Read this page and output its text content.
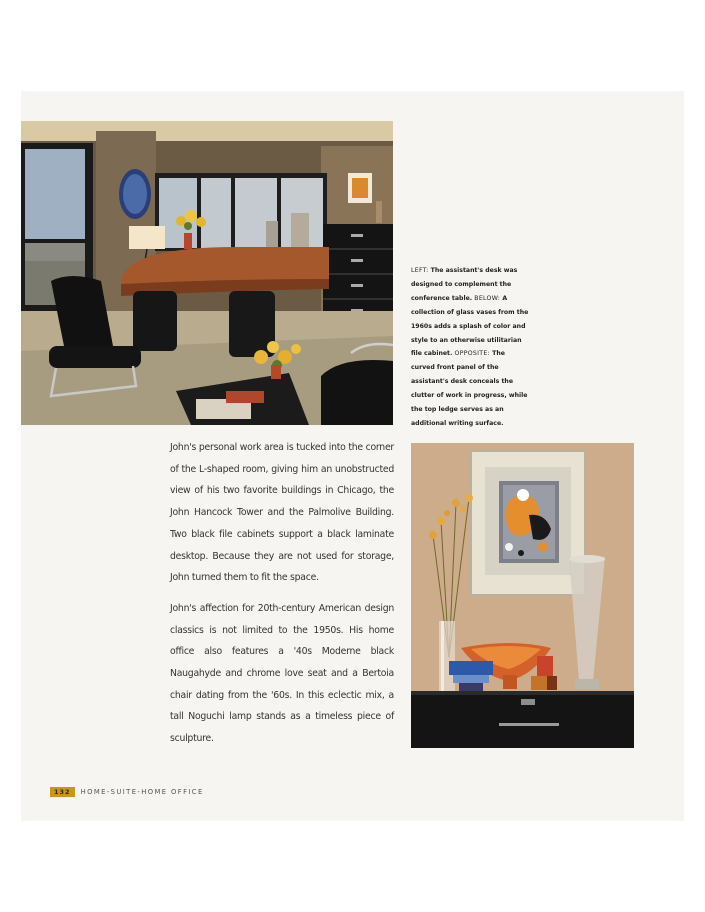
LEFT: The assistant's desk was designed to complement the conference table. BELOW: A collection of glass vases from the 1960s adds a splash of color and style to an otherwise utilitarian file cabinet. OPPOSITE: The curved front panel of the assistant's desk conceals the clutter of work in progress, while the top ledge serves as an additional writing surface.

John's personal work area is tucked into the corner of the L-shaped room, giving him an unobstructed view of his two favorite buildings in Chicago, the John Hancock Tower and the Palmolive Building. Two black file cabinets support a black laminate desktop. Because they are not used for storage, John turned them to fit the space.

John's affection for 20th-century American design classics is not limited to the 1950s. His home office also features a '40s Moderne black Naugahyde and chrome love seat and a Bertoia chair dating from the '60s. In this eclectic mix, a tall Noguchi lamp stands as a timeless piece of sculpture.

132	HOME-SUITE-HOME OFFICE
